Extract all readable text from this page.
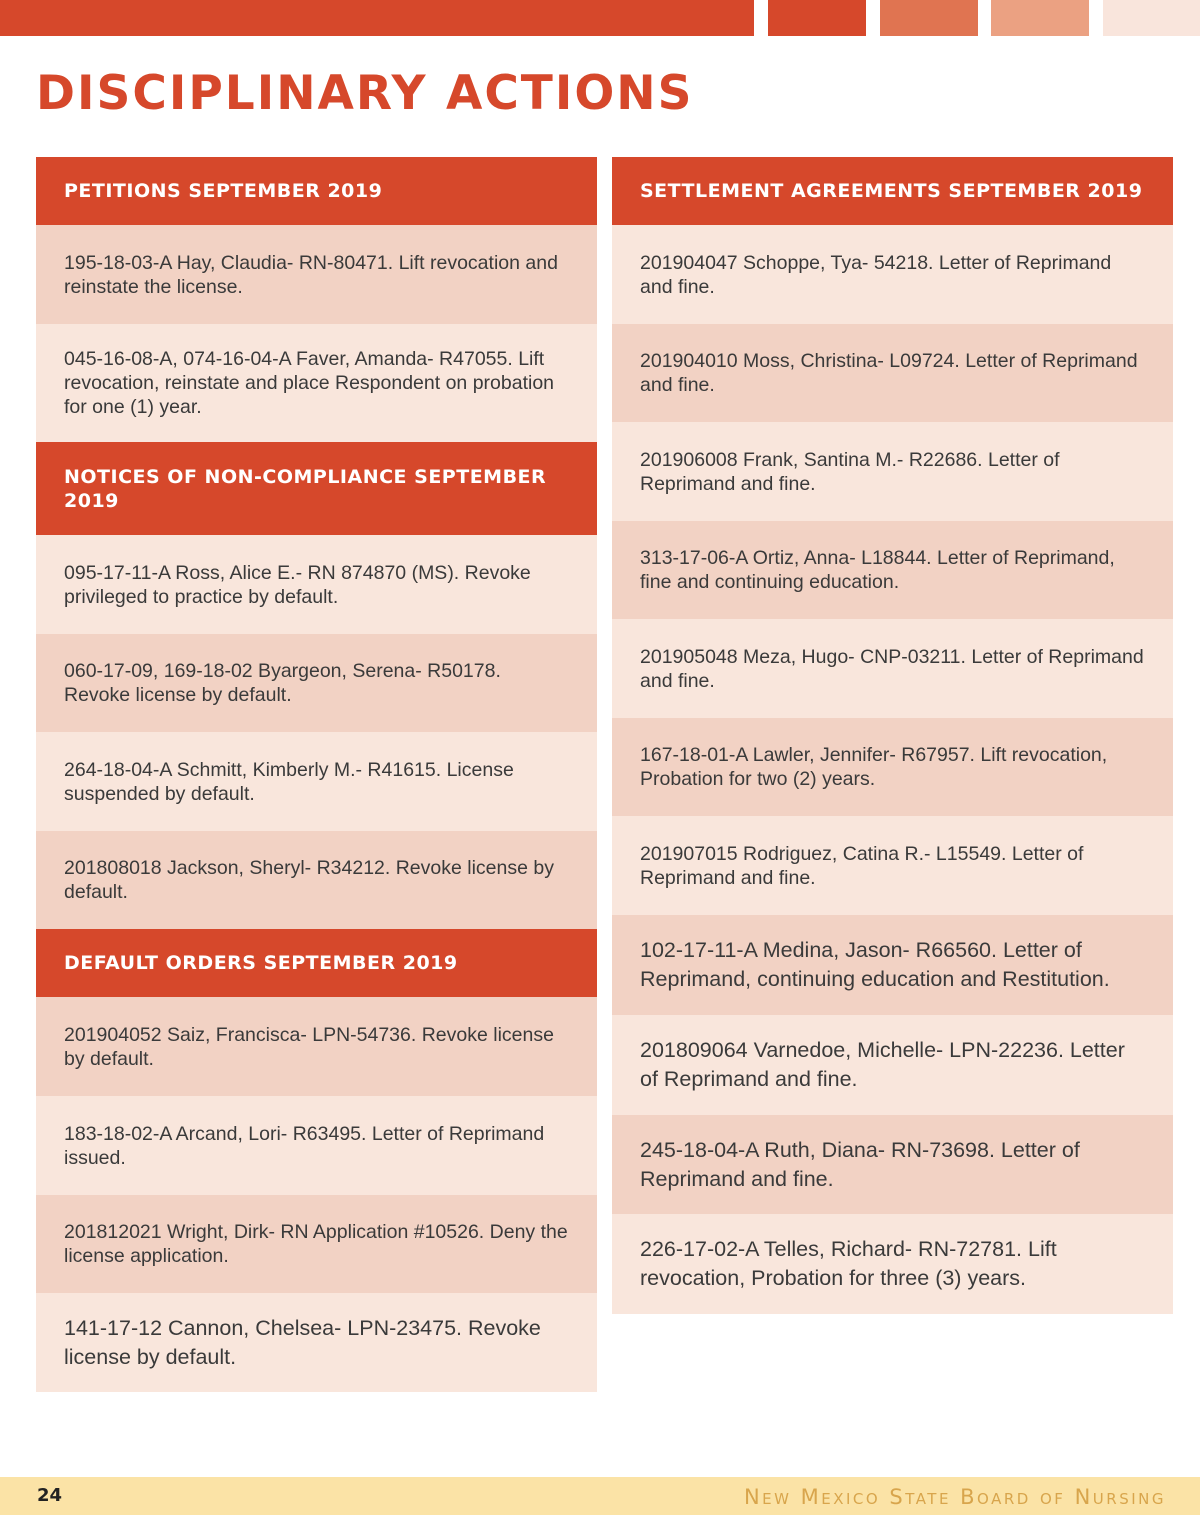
DISCIPLINARY ACTIONS
PETITIONS SEPTEMBER 2019
195-18-03-A Hay, Claudia- RN-80471. Lift revocation and reinstate the license.
045-16-08-A, 074-16-04-A Faver, Amanda- R47055. Lift revocation, reinstate and place Respondent on probation for one (1) year.
NOTICES OF NON-COMPLIANCE SEPTEMBER 2019
095-17-11-A Ross, Alice E.- RN 874870 (MS). Revoke privileged to practice by default.
060-17-09, 169-18-02 Byargeon, Serena- R50178. Revoke license by default.
264-18-04-A Schmitt, Kimberly M.- R41615. License suspended by default.
201808018 Jackson, Sheryl- R34212. Revoke license by default.
DEFAULT ORDERS SEPTEMBER 2019
201904052 Saiz, Francisca- LPN-54736. Revoke license by default.
183-18-02-A Arcand, Lori- R63495. Letter of Reprimand issued.
201812021 Wright, Dirk- RN Application #10526. Deny the license application.
141-17-12 Cannon, Chelsea- LPN-23475. Revoke license by default.
SETTLEMENT AGREEMENTS SEPTEMBER 2019
201904047 Schoppe, Tya- 54218. Letter of Reprimand and fine.
201904010 Moss, Christina- L09724. Letter of Reprimand and fine.
201906008 Frank, Santina M.- R22686. Letter of Reprimand and fine.
313-17-06-A Ortiz, Anna- L18844. Letter of Reprimand, fine and continuing education.
201905048 Meza, Hugo- CNP-03211. Letter of Reprimand and fine.
167-18-01-A Lawler, Jennifer- R67957. Lift revocation, Probation for two (2) years.
201907015 Rodriguez, Catina R.- L15549. Letter of Reprimand and fine.
102-17-11-A Medina, Jason- R66560. Letter of Reprimand, continuing education and Restitution.
201809064 Varnedoe, Michelle- LPN-22236. Letter of Reprimand and fine.
245-18-04-A Ruth, Diana- RN-73698. Letter of Reprimand and fine.
226-17-02-A Telles, Richard- RN-72781. Lift revocation, Probation for three (3) years.
24	New Mexico State Board of Nursing
